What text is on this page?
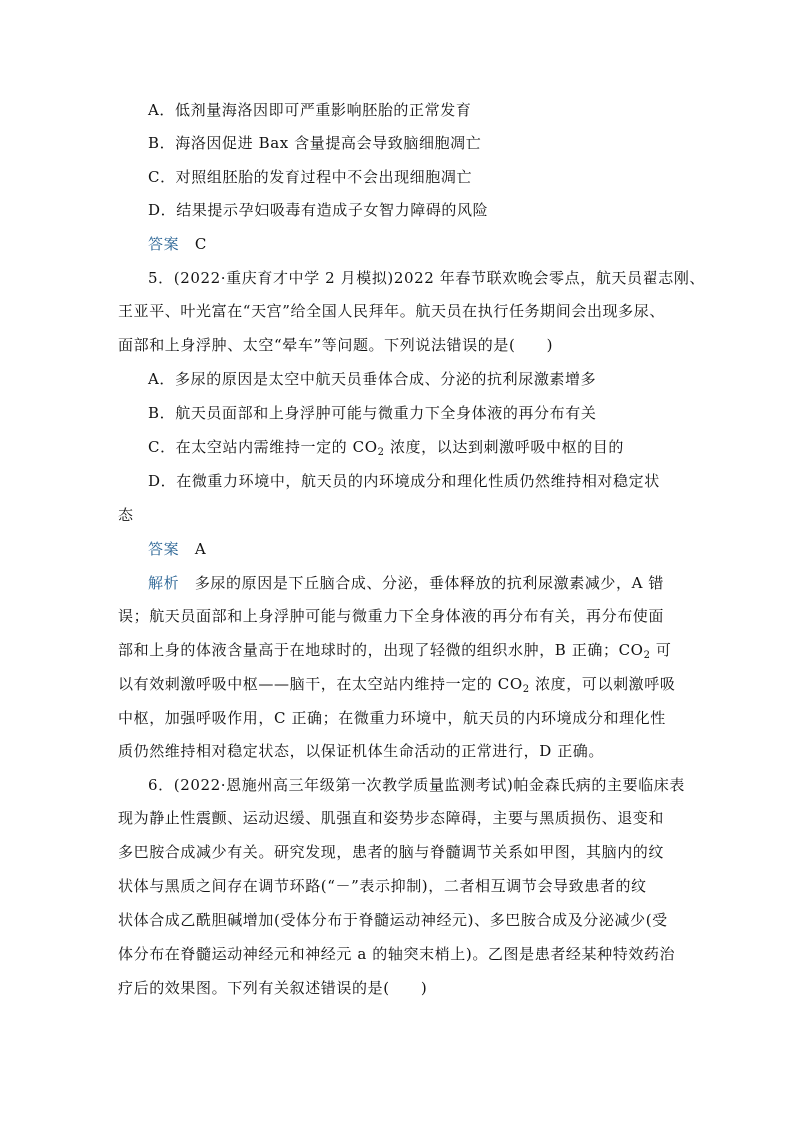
A．低剂量海洛因即可严重影响胚胎的正常发育
B．海洛因促进 Bax 含量提高会导致脑细胞凋亡
C．对照组胚胎的发育过程中不会出现细胞凋亡
D．结果提示孕妇吸毒有造成子女智力障碍的风险
答案　 C
5．(2022·重庆育才中学 2 月模拟)2022 年春节联欢晚会零点，航天员翟志刚、
王亚平、叶光富在“天宫”给全国人民拜年。航天员在执行任务期间会出现多尿、
面部和上身浮肿、太空“晕车”等问题。下列说法错误的是(　　)
A．多尿的原因是太空中航天员垂体合成、分泌的抗利尿激素增多
B．航天员面部和上身浮肿可能与微重力下全身体液的再分布有关
C．在太空站内需维持一定的 $CO_2$ 浓度，以达到刺激呼吸中枢的目的
D．在微重力环境中，航天员的内环境成分和理化性质仍然维持相对稳定状
态
答案　 A
解析　 多尿的原因是下丘脑合成、分泌，垂体释放的抗利尿激素减少，A 错
误；航天员面部和上身浮肿可能与微重力下全身体液的再分布有关，再分布使面
部和上身的体液含量高于在地球时的，出现了轻微的组织水肿，B 正确；$CO_2$ 可
以有效刺激呼吸中枢——脑干，在太空站内维持一定的 $CO_2$ 浓度，可以刺激呼吸
中枢，加强呼吸作用，C 正确；在微重力环境中，航天员的内环境成分和理化性
质仍然维持相对稳定状态，以保证机体生命活动的正常进行，D 正确。
6．(2022·恩施州高三年级第一次教学质量监测考试)帕金森氏病的主要临床表
现为静止性震颤、运动迟缓、肌强直和姿势步态障碍，主要与黑质损伤、退变和
多巴胺合成减少有关。研究发现，患者的脑与脊髓调节关系如甲图，其脑内的纹
状体与黑质之间存在调节环路(“－”表示抑制)，二者相互调节会导致患者的纹
状体合成乙酰胆碱增加(受体分布于脊髓运动神经元)、多巴胺合成及分泌减少(受
体分布在脊髓运动神经元和神经元 a 的轴突末梢上)。乙图是患者经某种特效药治
疗后的效果图。下列有关叙述错误的是(　　)
